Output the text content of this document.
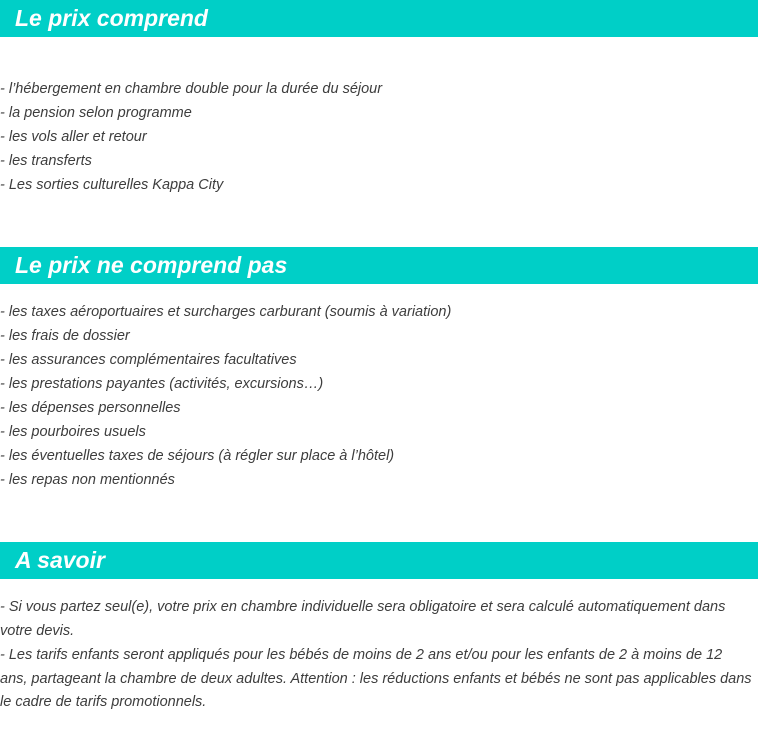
Le prix comprend
- l’hébergement en chambre double pour la durée du séjour
- la pension selon programme
- les vols aller et retour
- les transferts
- Les sorties culturelles Kappa City
Le prix ne comprend pas
- les taxes aéroportuaires et surcharges carburant (soumis à variation)
- les frais de dossier
- les assurances complémentaires facultatives
- les prestations payantes (activités, excursions…)
- les dépenses personnelles
- les pourboires usuels
- les éventuelles taxes de séjours (à régler sur place à l’hôtel)
- les repas non mentionnés
A savoir

- Si vous partez seul(e), votre prix en chambre individuelle sera obligatoire et sera calculé automatiquement dans votre devis.

- Les tarifs enfants seront appliqués pour les bébés de moins de 2 ans et/ou pour les enfants de 2 à moins de 12 ans, partageant la chambre de deux adultes. Attention : les réductions enfants et bébés ne sont pas applicables dans le cadre de tarifs promotionnels.
